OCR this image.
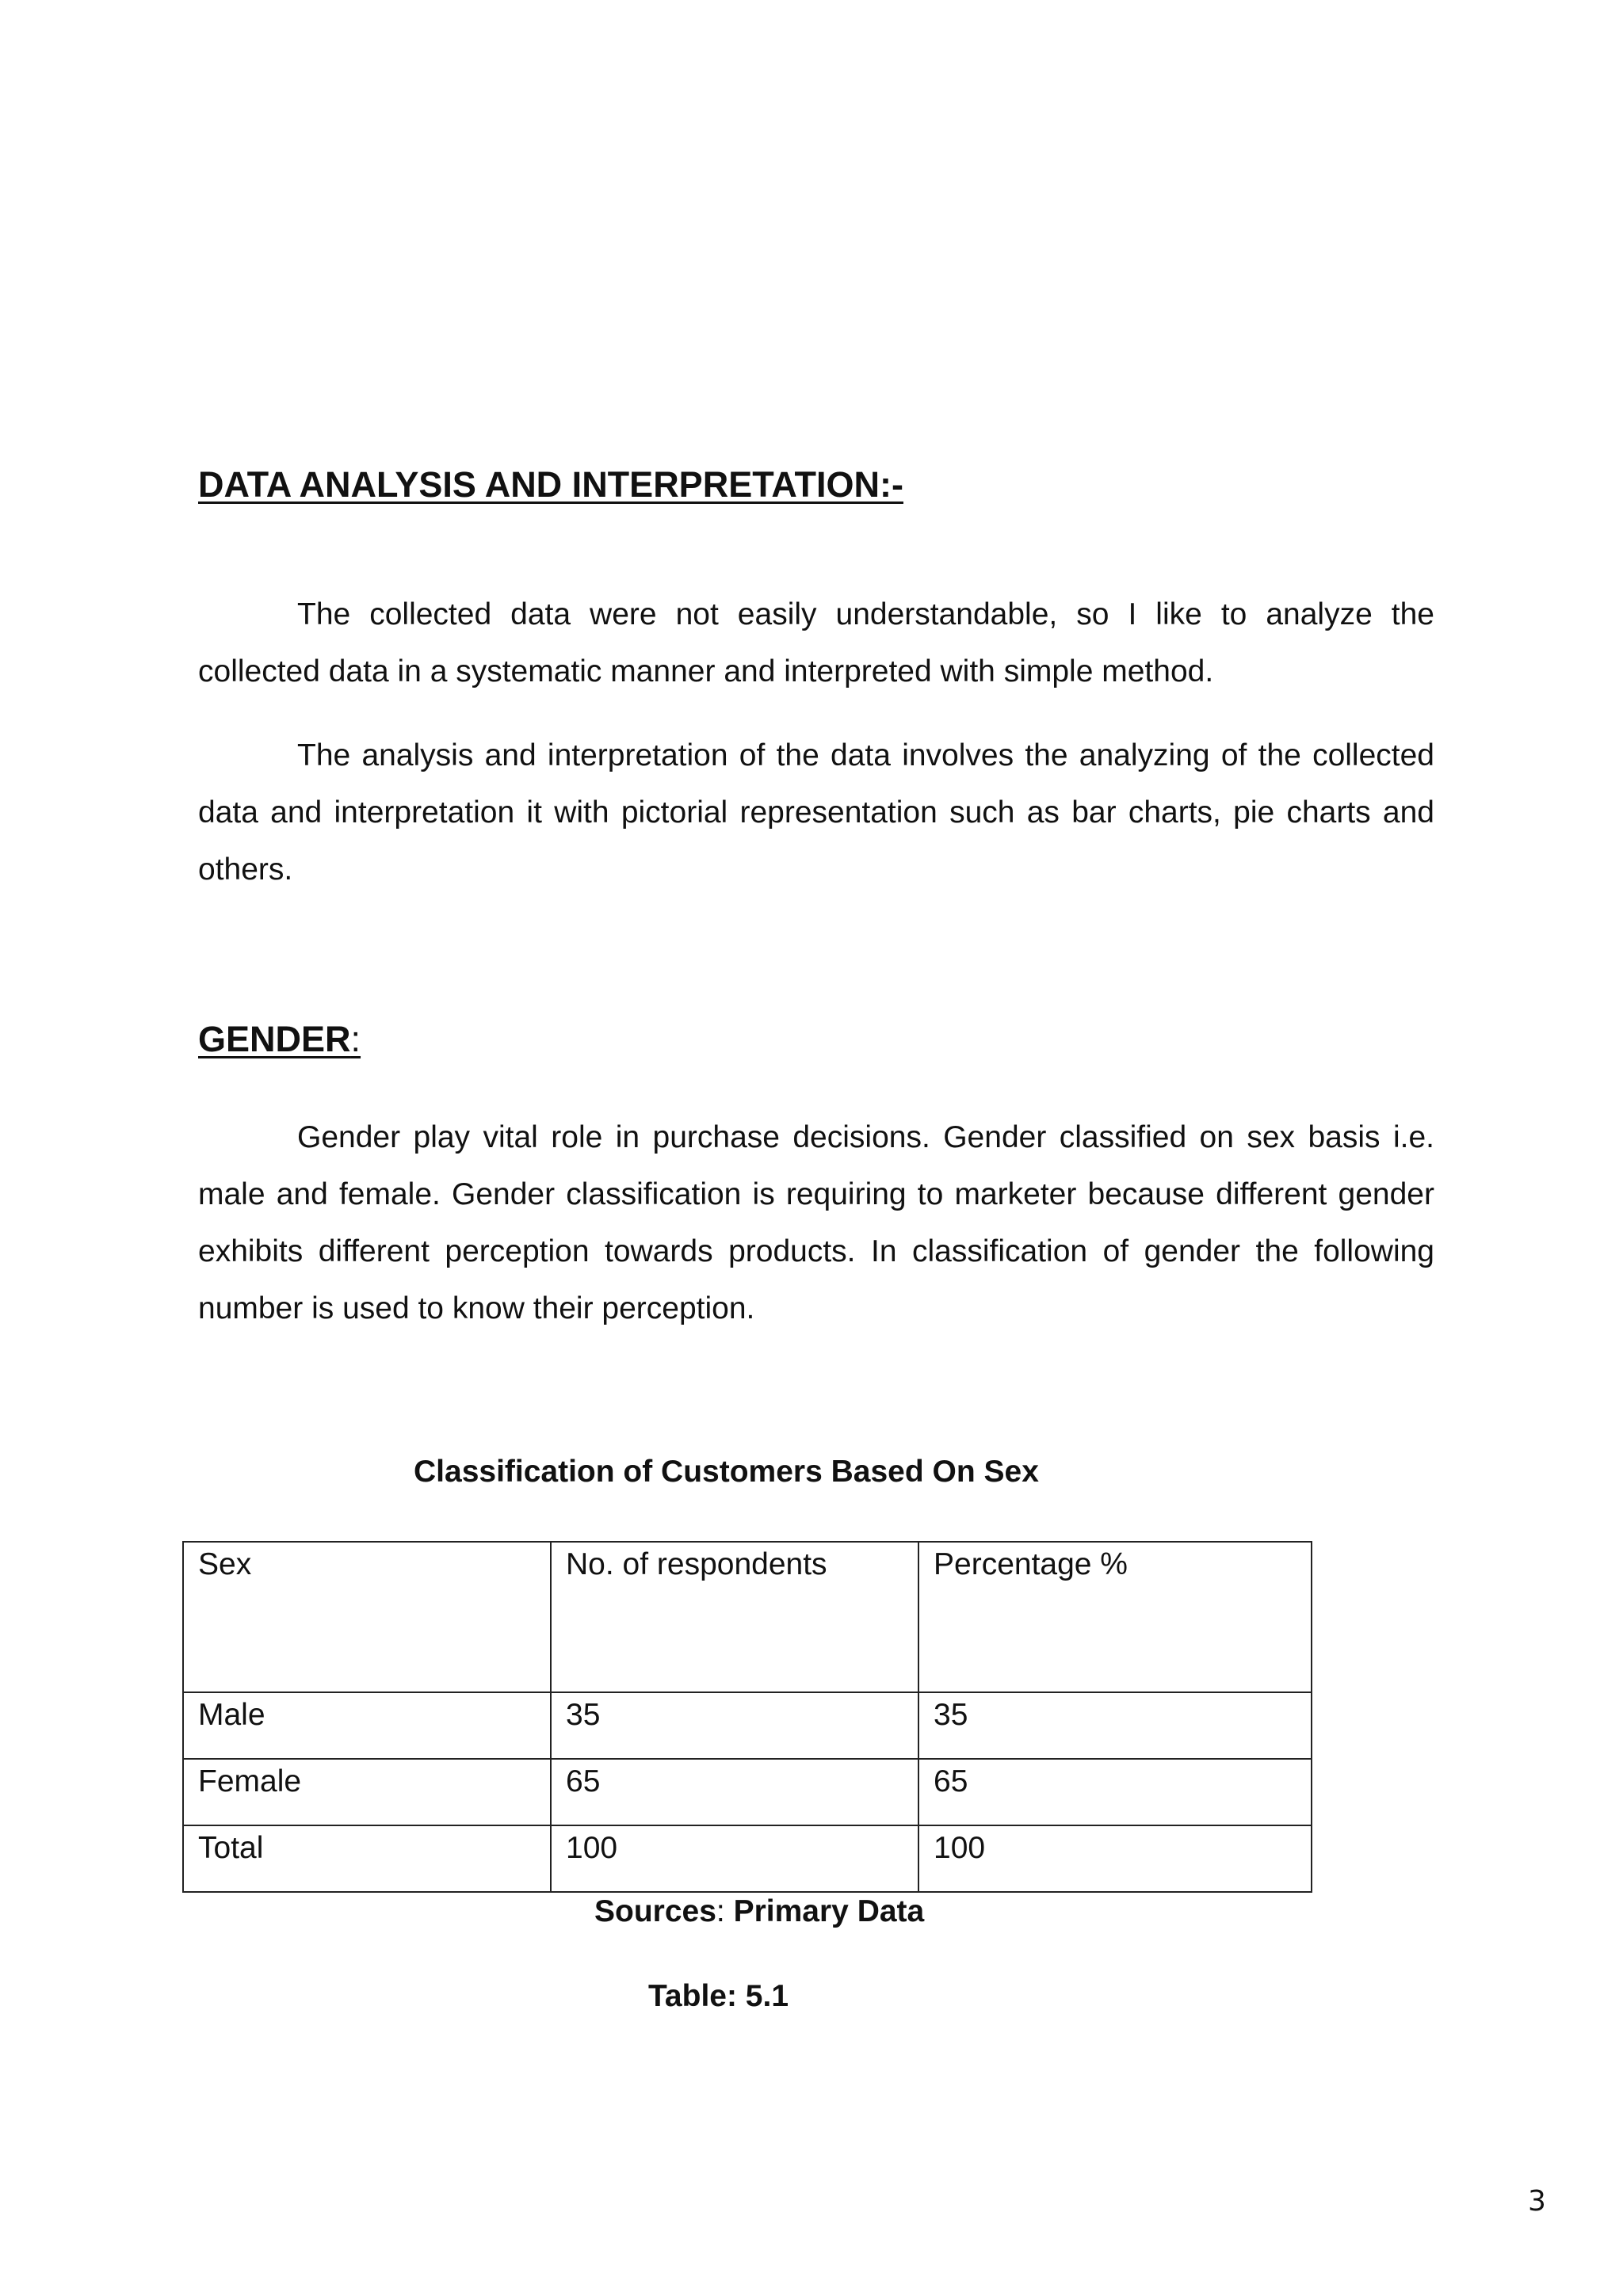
DATA ANALYSIS AND INTERPRETATION:-

The collected data were not easily understandable, so I like to analyze the collected data in a systematic manner and interpreted with simple method.

The analysis and interpretation of the data involves the analyzing of the collected data and interpretation it with pictorial representation such as bar charts, pie charts and others.

GENDER:

Gender play vital role in purchase decisions. Gender classified on sex basis i.e. male and female. Gender classification is requiring to marketer because different gender exhibits different perception towards products. In classification of gender the following number is used to know their perception.

Classification of Customers Based On Sex
Sex	No. of respondents	Percentage %
Male	35	35
Female	65	65
Total	100	100
Sources: Primary Data
Table: 5.1
3
